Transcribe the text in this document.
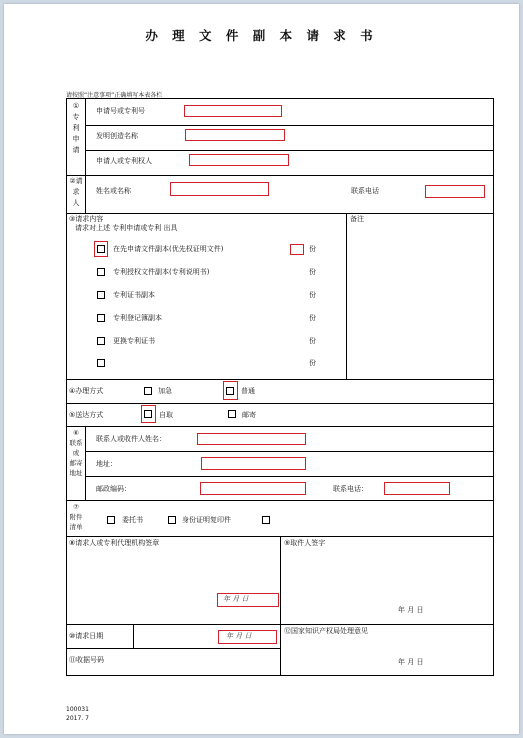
办 理 文 件 副 本 请 求 书
请按照“注意事项”正确填写本表各栏
①
专
利
申
请
申请号或专利号
发明创造名称
申请人或专利权人
②请
求
人
姓名或名称	联系电话
③请求内容
请求对上述 专利申请或专利 出具
备注
在先申请文件副本(优先权证明文件)	份
专利授权文件副本(专利说明书)	份
专利证书副本	份
专利登记簿副本	份
更换专利证书	份
份
④办理方式	加急	普通
⑤送达方式	自取	邮寄
⑥
联系
或
邮寄
地址
联系人或收件人姓名：
地址：
邮政编码：	联系电话：
⑦
附件
清单
委托书	身份证明复印件
⑧请求人或专利代理机构签章
年 月 日
⑨取件人签字
年 月 日
⑩请求日期	年 月 日
⑪收据号码
⑫国家知识产权局处理意见
年 月 日
100031
2017. 7
